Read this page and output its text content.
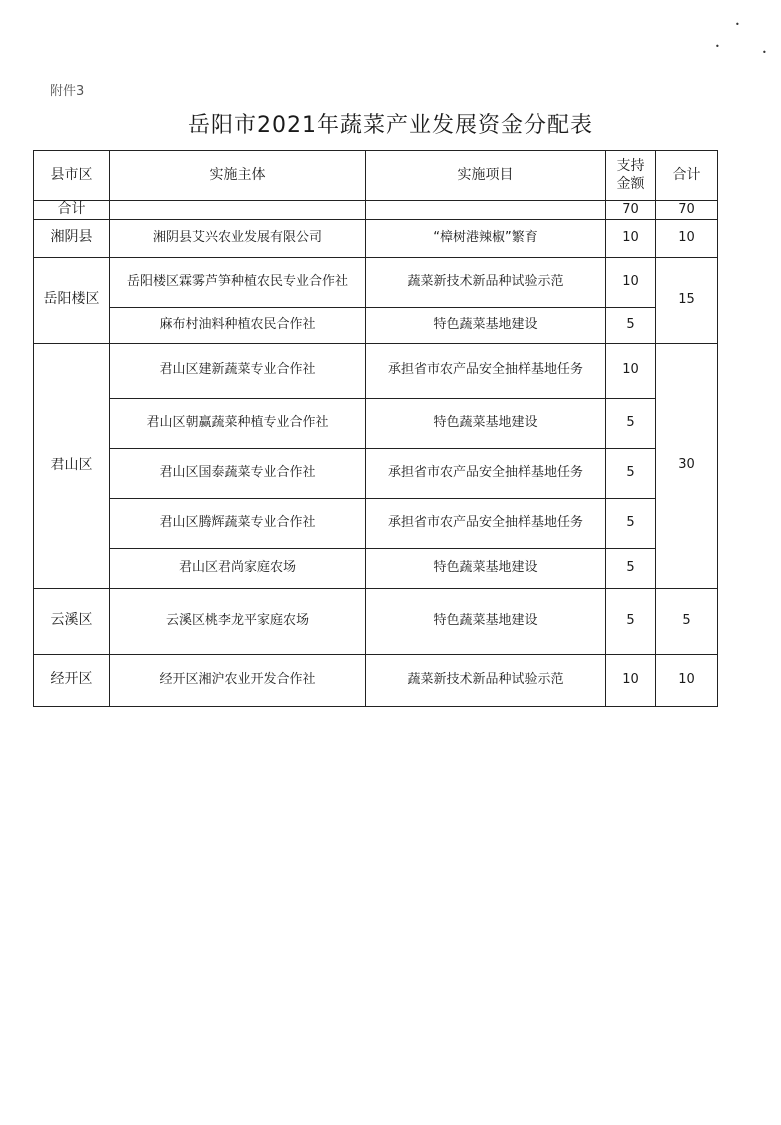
附件3
岳阳市2021年蔬菜产业发展资金分配表
•
•
•
县市区	实施主体	实施项目	支持金额	合计
合计			70	70
湘阴县	湘阴县艾兴农业发展有限公司	“樟树港辣椒”繁育	10	10
岳阳楼区	岳阳楼区霖雾芦笋种植农民专业合作社	蔬菜新技术新品种试验示范	10	15
	麻布村油料种植农民合作社	特色蔬菜基地建设	5	
君山区	君山区建新蔬菜专业合作社	承担省市农产品安全抽样基地任务	10	30
	君山区朝赢蔬菜种植专业合作社	特色蔬菜基地建设	5	
	君山区国泰蔬菜专业合作社	承担省市农产品安全抽样基地任务	5	
	君山区腾辉蔬菜专业合作社	承担省市农产品安全抽样基地任务	5	
	君山区君尚家庭农场	特色蔬菜基地建设	5	
云溪区	云溪区桃李龙平家庭农场	特色蔬菜基地建设	5	5
经开区	经开区湘沪农业开发合作社	蔬菜新技术新品种试验示范	10	10
